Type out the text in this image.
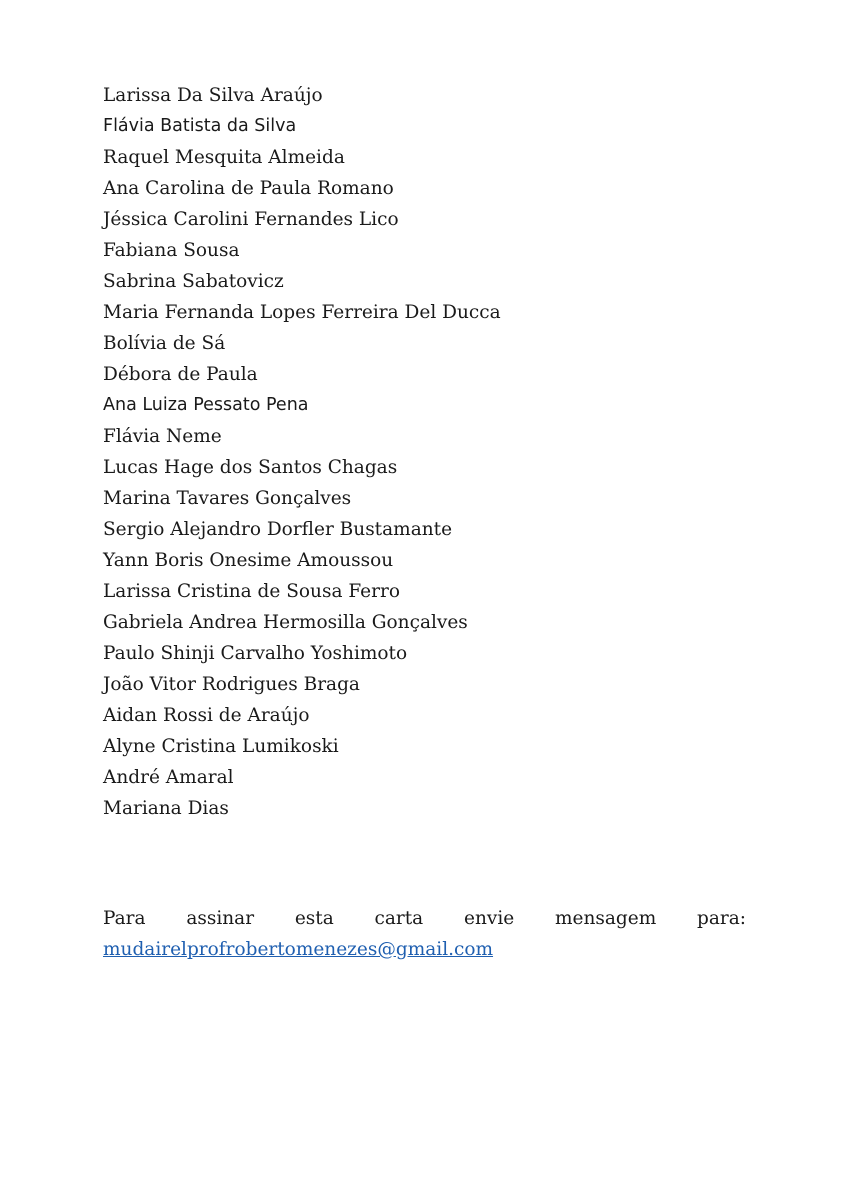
Larissa Da Silva Araújo
Flávia Batista da Silva
Raquel Mesquita Almeida
Ana Carolina de Paula Romano
Jéssica Carolini Fernandes Lico
Fabiana Sousa
Sabrina Sabatovicz
Maria Fernanda Lopes Ferreira Del Ducca
Bolívia de Sá
Débora de Paula
Ana Luiza Pessato Pena
Flávia Neme
Lucas Hage dos Santos Chagas
Marina Tavares Gonçalves
Sergio Alejandro Dorfler Bustamante
Yann Boris Onesime Amoussou
Larissa Cristina de Sousa Ferro
Gabriela Andrea Hermosilla Gonçalves
Paulo Shinji Carvalho Yoshimoto
João Vitor Rodrigues Braga
Aidan Rossi de Araújo
Alyne Cristina Lumikoski
André Amaral
Mariana Dias
Para assinar esta carta envie mensagem para:
mudairelprofrobertomenezes@gmail.com
